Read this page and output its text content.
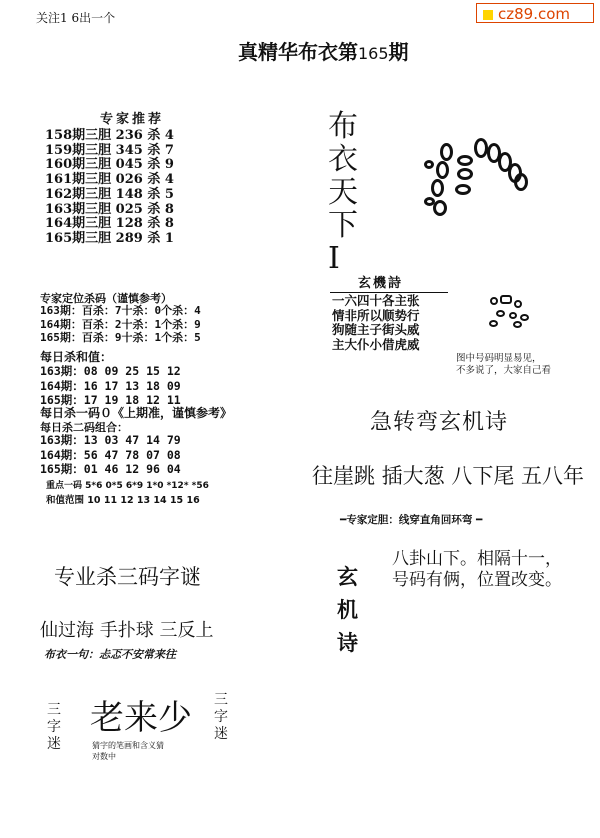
cz89.com
关注1 6出一个
真精华布衣第165期
专家推荐
158期三胆 236 杀 4
159期三胆 345 杀 7
160期三胆 045 杀 9
161期三胆 026 杀 4
162期三胆 148 杀 5
163期三胆 025 杀 8
164期三胆 128 杀 8
165期三胆 289 杀 1
专家定位杀码（谨慎参考）
163期：百杀：7十杀：0个杀：4
164期：百杀：2十杀：1个杀：9
165期：百杀：9十杀：1个杀：5
每日杀和值：
163期：08 09 25 15 12
164期：16 17 13 18 09
165期：17 19 18 12 11
每日杀一码０《上期准，谨慎参考》
每日杀二码组合：
163期：13 03 47 14 79
164期：56 47 78 07 08
165期：01 46 12 96 04
重点一码 5*6 0*5 6*9 1*0 *12* *56
和值范围 10 11 12 13 14 15 16
布
衣
天
下
I
玄機詩
一六四十各主张
情非所以顺势行
狗随主子街头威
主大仆小借虎威
图中号码明显易见，
不多说了，大家自己看
急转弯玄机诗
往崖跳 插大葱 八下尾 五八年
━专家定胆：线穿直角回环弯 ━
玄
机
诗
八卦山下。相隔十一，
号码有俩，位置改变。
专业杀三码字谜
仙过海 手扑球 三反上
布衣一句：忐忑不安常来往
三
字
迷
老来少
猜字的笔画和含义猜
对数中
三
字
迷
